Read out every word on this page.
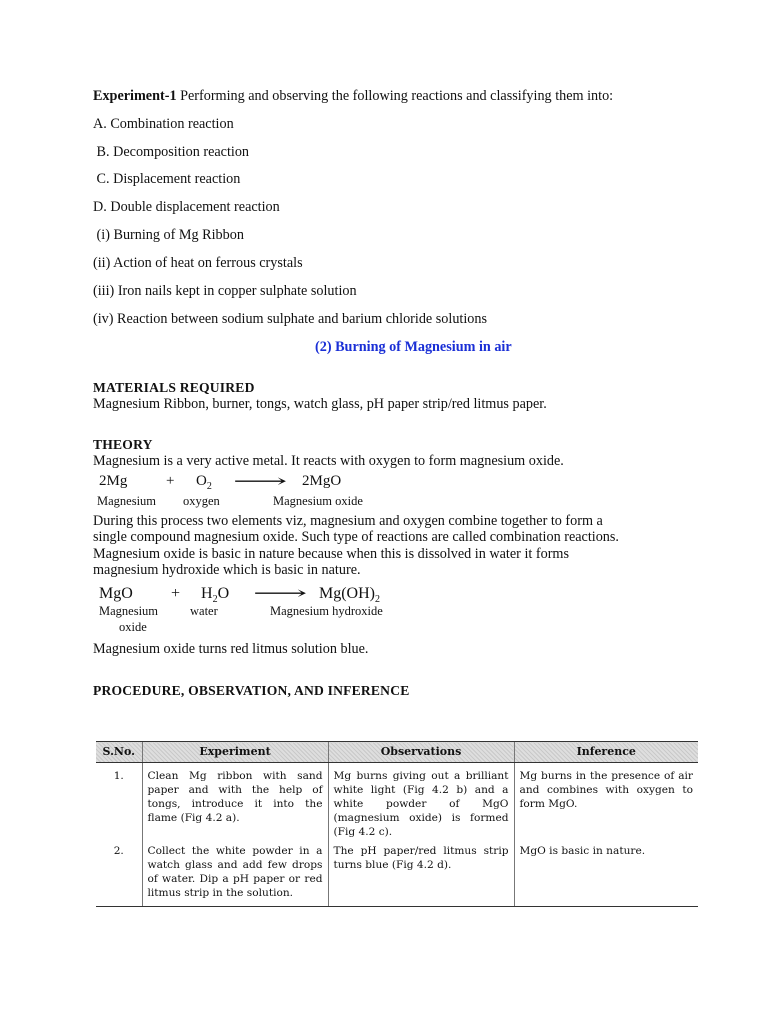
Experiment-1 Performing and observing the following reactions and classifying them into:
A. Combination reaction
B. Decomposition reaction
C. Displacement reaction
D. Double displacement reaction
(i) Burning of Mg Ribbon
(ii) Action of heat on ferrous crystals
(iii) Iron nails kept in copper sulphate solution
(iv) Reaction between sodium sulphate and barium chloride solutions
(2) Burning of Magnesium in air
MATERIALS REQUIRED
Magnesium Ribbon, burner, tongs, watch glass, pH paper strip/red litmus paper.
THEORY
Magnesium is a very active metal. It reacts with oxygen to form magnesium oxide.
2Mg	+ $O_2$ ⟶ 2MgO
Magnesium oxygen	Magnesium oxide
During this process two elements viz, magnesium and oxygen combine together to form a
single compound magnesium oxide. Such type of reactions are called combination reactions.
Magnesium oxide is basic in nature because when this is dissolved in water it forms
magnesium hydroxide which is basic in nature.
MgO + $H_2O$ ⟶ $Mg(OH)_2$
Magnesium
oxide
water	Magnesium hydroxide
Magnesium oxide turns red litmus solution blue.
PROCEDURE, OBSERVATION, AND INFERENCE
S.No.	Experiment	Observations	Inference
1.	Clean Mg ribbon with sand paper and with the help of tongs, introduce it into the flame (Fig 4.2 a).	Mg burns giving out a brilliant white light (Fig 4.2 b) and a white powder of MgO (magnesium oxide) is formed (Fig 4.2 c).	Mg burns in the presence of air and combines with oxygen to form MgO.
2.	Collect the white powder in a watch glass and add few drops of water. Dip a pH paper or red litmus strip in the solution.	The pH paper/red litmus strip turns blue (Fig 4.2 d).	MgO is basic in nature.
